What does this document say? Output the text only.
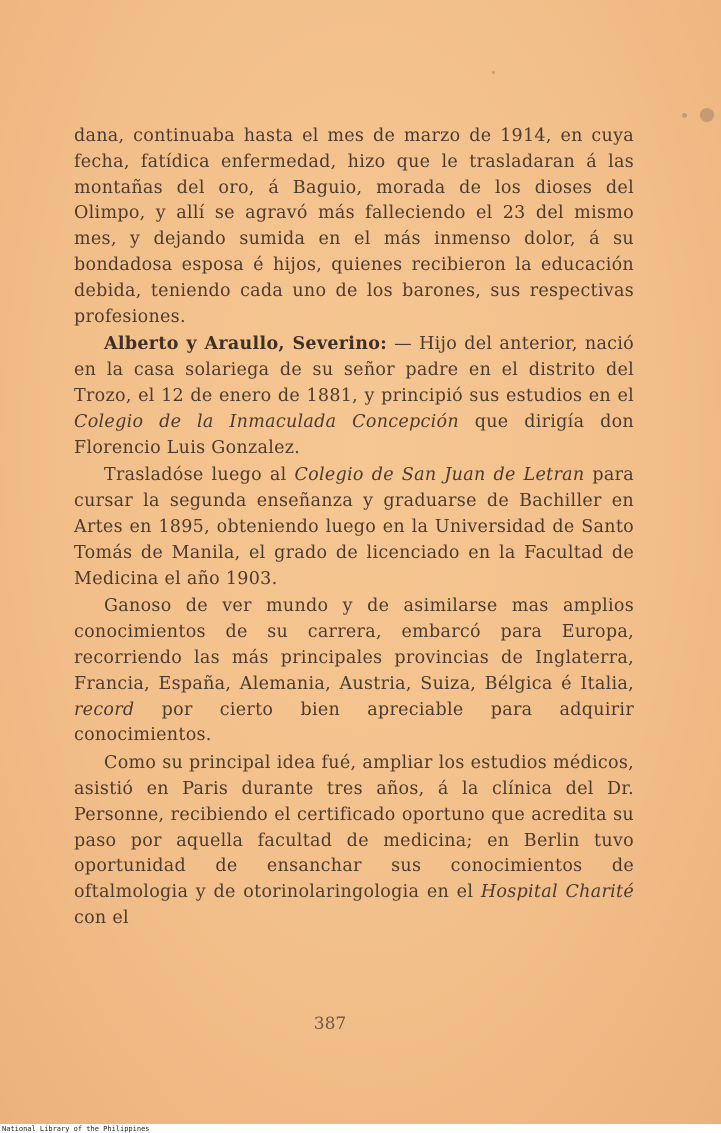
dana, continuaba hasta el mes de marzo de 1914, en cuya fecha, fatídica enfermedad, hizo que le trasladaran á las montañas del oro, á Baguio, morada de los dioses del Olimpo, y allí se agravó más falleciendo el 23 del mismo mes, y dejando sumida en el más inmenso dolor, á su bondadosa esposa é hijos, quienes recibieron la educación debida, teniendo cada uno de los barones, sus respectivas profesiones.

Alberto y Araullo, Severino: — Hijo del anterior, nació en la casa solariega de su señor padre en el distrito del Trozo, el 12 de enero de 1881, y principió sus estudios en el Colegio de la Inmaculada Concepción que dirigía don Florencio Luis Gonzalez.

Trasladóse luego al Colegio de San Juan de Letran para cursar la segunda enseñanza y graduarse de Bachiller en Artes en 1895, obteniendo luego en la Universidad de Santo Tomás de Manila, el grado de licenciado en la Facultad de Medicina el año 1903.

Ganoso de ver mundo y de asimilarse mas amplios conocimientos de su carrera, embarcó para Europa, recorriendo las más principales provincias de Inglaterra, Francia, España, Alemania, Austria, Suiza, Bélgica é Italia, record por cierto bien apreciable para adquirir conocimientos.

Como su principal idea fué, ampliar los estudios médicos, asistió en Paris durante tres años, á la clínica del Dr. Personne, recibiendo el certificado oportuno que acredita su paso por aquella facultad de medicina; en Berlin tuvo oportunidad de ensanchar sus conocimientos de oftalmologia y de otorinolaringologia en el Hospital Charité con el

387
National Library of the Philippines
